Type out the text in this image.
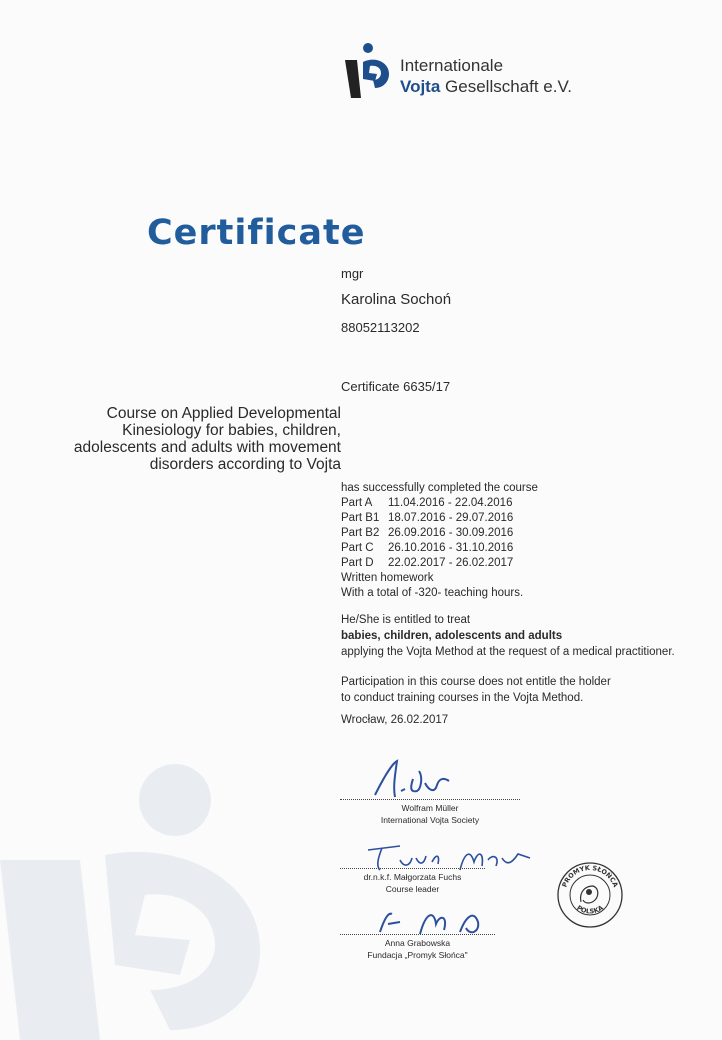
Internationale
Vojta Gesellschaft e.V.
Certificate
mgr
Karolina Sochoń
88052113202
Certificate 6635/17
Course on Applied Developmental
Kinesiology for babies, children,
adolescents and adults with movement
disorders according to Vojta
has successfully completed the course
Part A 11.04.2016 - 22.04.2016
Part B1 18.07.2016 - 29.07.2016
Part B2 26.09.2016 - 30.09.2016
Part C 26.10.2016 - 31.10.2016
Part D 22.02.2017 - 26.02.2017
Written homework
With a total of -320- teaching hours.
He/She is entitled to treat
babies, children, adolescents and adults
applying the Vojta Method at the request of a medical practitioner.
Participation in this course does not entitle the holder
to conduct training courses in the Vojta Method.
Wrocław, 26.02.2017
Wolfram Müller
International Vojta Society
dr.n.k.f. Małgorzata Fuchs
Course leader
Anna Grabowska
Fundacja „Promyk Słońca"
PROMYK SŁOŃCA
POLSKA
